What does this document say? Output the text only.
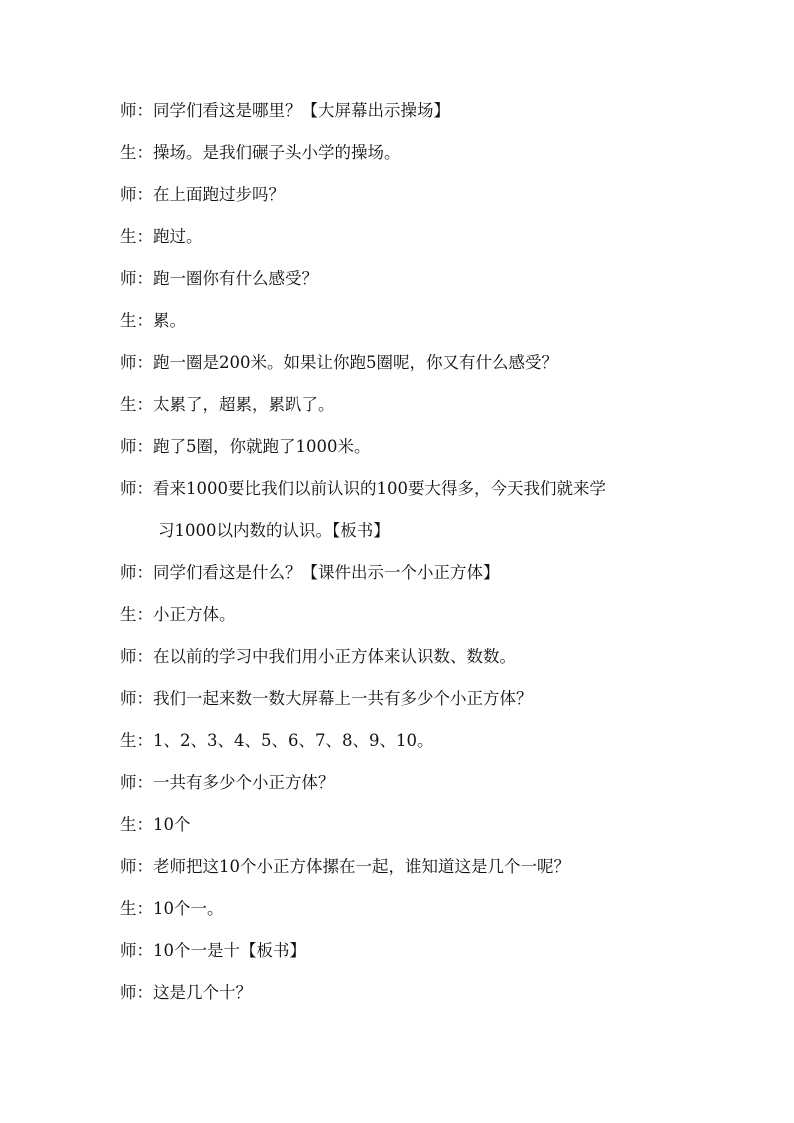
师：同学们看这是哪里？【大屏幕出示操场】
生：操场。是我们碾子头小学的操场。
师：在上面跑过步吗？
生：跑过。
师：跑一圈你有什么感受？
生：累。
师：跑一圈是200米。如果让你跑5圈呢，你又有什么感受？
生：太累了，超累，累趴了。
师：跑了5圈，你就跑了1000米。
师：看来1000要比我们以前认识的100要大得多，今天我们就来学
习1000以内数的认识。【板书】
师：同学们看这是什么？【课件出示一个小正方体】
生：小正方体。
师：在以前的学习中我们用小正方体来认识数、数数。
师：我们一起来数一数大屏幕上一共有多少个小正方体？
生：1、2、3、4、5、6、7、8、9、10。
师：一共有多少个小正方体？
生：10个
师：老师把这10个小正方体摞在一起，谁知道这是几个一呢？
生：10个一。
师：10个一是十【板书】
师：这是几个十？
